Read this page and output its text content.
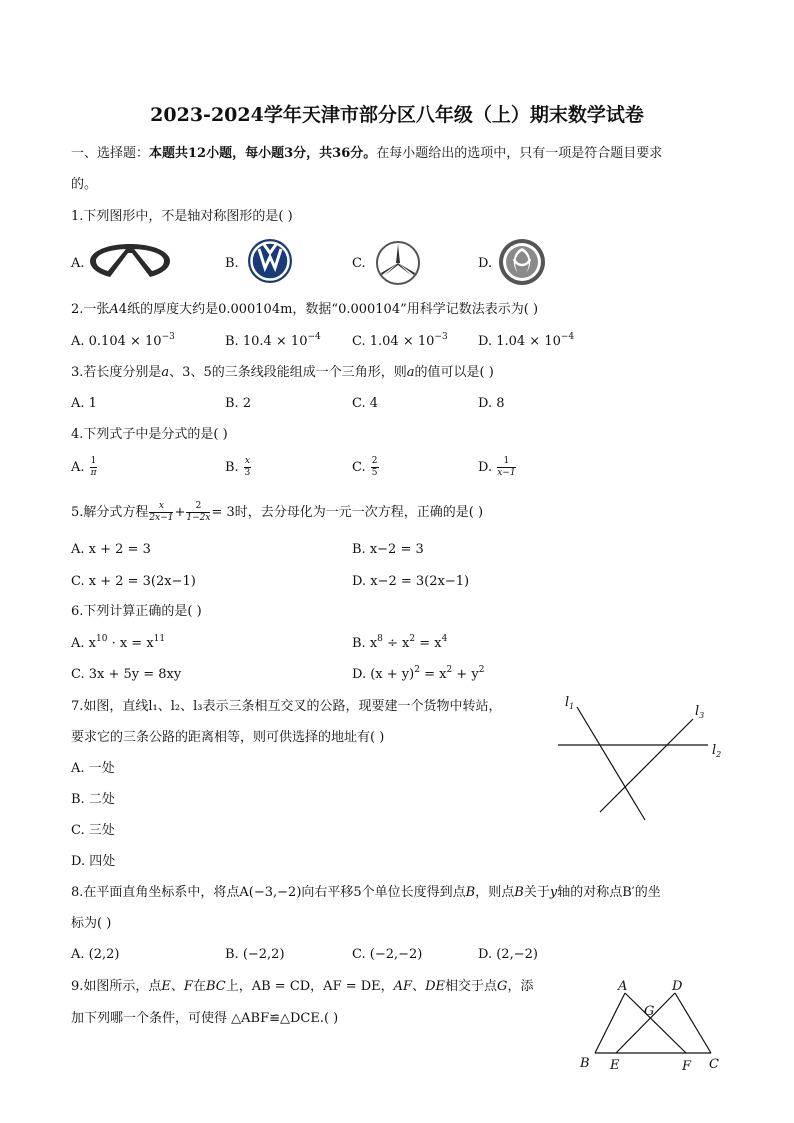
2023-2024学年天津市部分区八年级（上）期末数学试卷
一、选择题：本题共12小题，每小题3分，共36分。在每小题给出的选项中，只有一项是符合题目要求
的。
1.下列图形中，不是轴对称图形的是( )
A.	B.	C.	D.
2.一张A4纸的厚度大约是0.000104m，数据“0.000104”用科学记数法表示为( )
A. $0.104 \times 10^{-3}$	B. $10.4 \times 10^{-4}$ C. $1.04 \times 10^{-3}$ D. $1.04 \times 10^{-4}$
3.若长度分别是a、3、5的三条线段能组成一个三角形，则a的值可以是( )
A. 1	B. 2	C. 4	D. 8
4.下列式子中是分式的是( )
A. $\frac{1}{\pi}$	B. $\frac{x}{3}$	C. $\frac{2}{5}$	D. $\frac{1}{x-1}$
5.解分式方程 $\frac{x}{2x-1} + \frac{2}{1-2x} = 3$时，去分母化为一元一次方程，正确的是( )
A. x + 2 = 3	B. x−2 = 3
C. x + 2 = 3(2x−1)	D. x−2 = 3(2x−1)
6.下列计算正确的是( )
A. $x^{10} \cdot x = x^{11}$	B. $x^8 \div x^2 = x^4$
C. 3x + 5y = 8xy	D. $(x + y)^2 = x^2 + y^2$
7.如图，直线l₁、l₂、l₃表示三条相互交叉的公路，现要建一个货物中转站，
要求它的三条公路的距离相等，则可供选择的地址有( )
A. 一处
B. 二处
C. 三处
D. 四处
$l_1$	$l_3$
$l_2$
8.在平面直角坐标系中，将点A(−3,−2)向右平移5个单位长度得到点B，则点B关于y轴的对称点B′的坐
标为( )
A. (2,2)	B. (−2,2)	C. (−2,−2)	D. (2,−2)
9.如图所示，点E、F在BC上，AB = CD，AF = DE，AF、DE相交于点G，添
加下列哪一个条件，可使得 △ABF≌△DCE.( )
A	D
G
B E	F C
